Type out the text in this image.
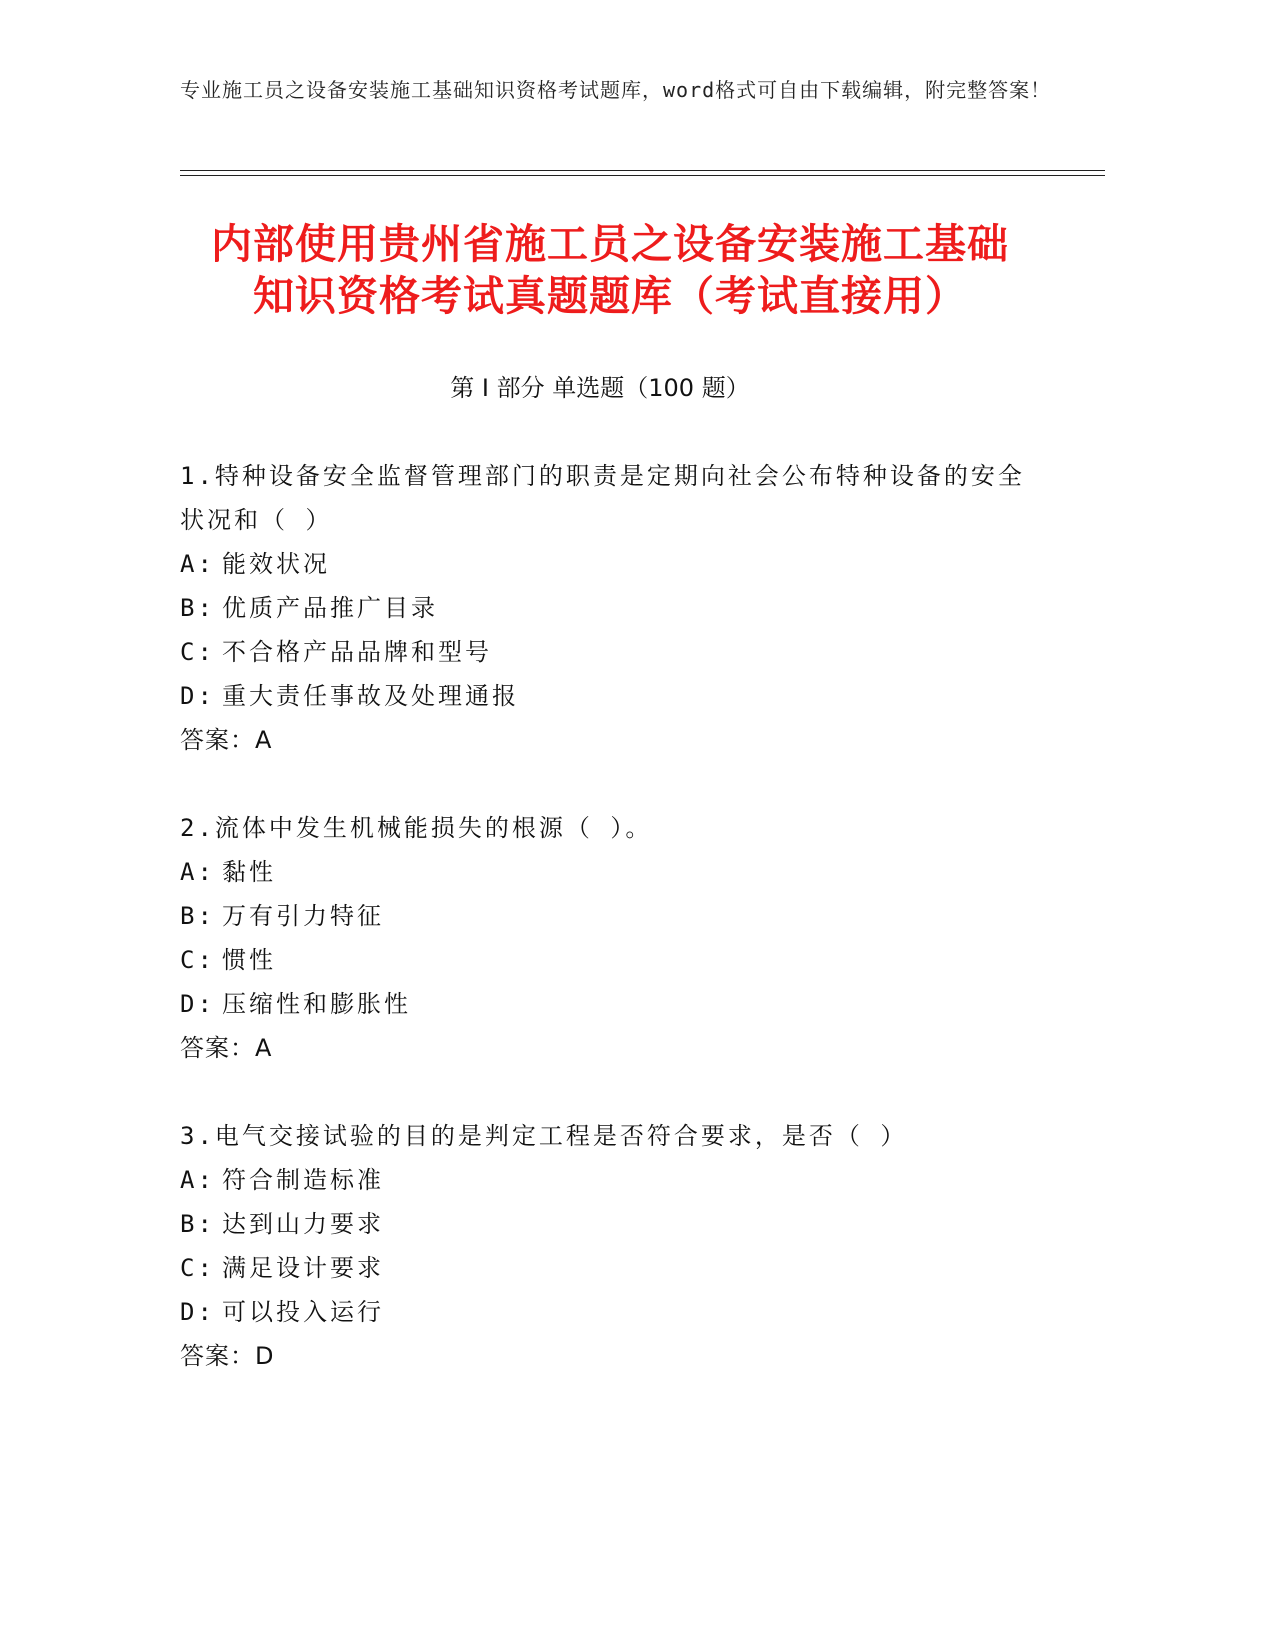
专业施工员之设备安装施工基础知识资格考试题库，word格式可自由下载编辑，附完整答案！
内部使用贵州省施工员之设备安装施工基础
知识资格考试真题题库（考试直接用）
第 I 部分 单选题（100 题）

1.特种设备安全监督管理部门的职责是定期向社会公布特种设备的安全状况和（ ）

A: 能效状况
B: 优质产品推广目录
C: 不合格产品品牌和型号
D: 重大责任事故及处理通报
答案：A

2.流体中发生机械能损失的根源（ ）。

A: 黏性
B: 万有引力特征
C: 惯性
D: 压缩性和膨胀性
答案：A

3.电气交接试验的目的是判定工程是否符合要求，是否（ ）

A: 符合制造标准
B: 达到山力要求
C: 满足设计要求
D: 可以投入运行
答案：D
